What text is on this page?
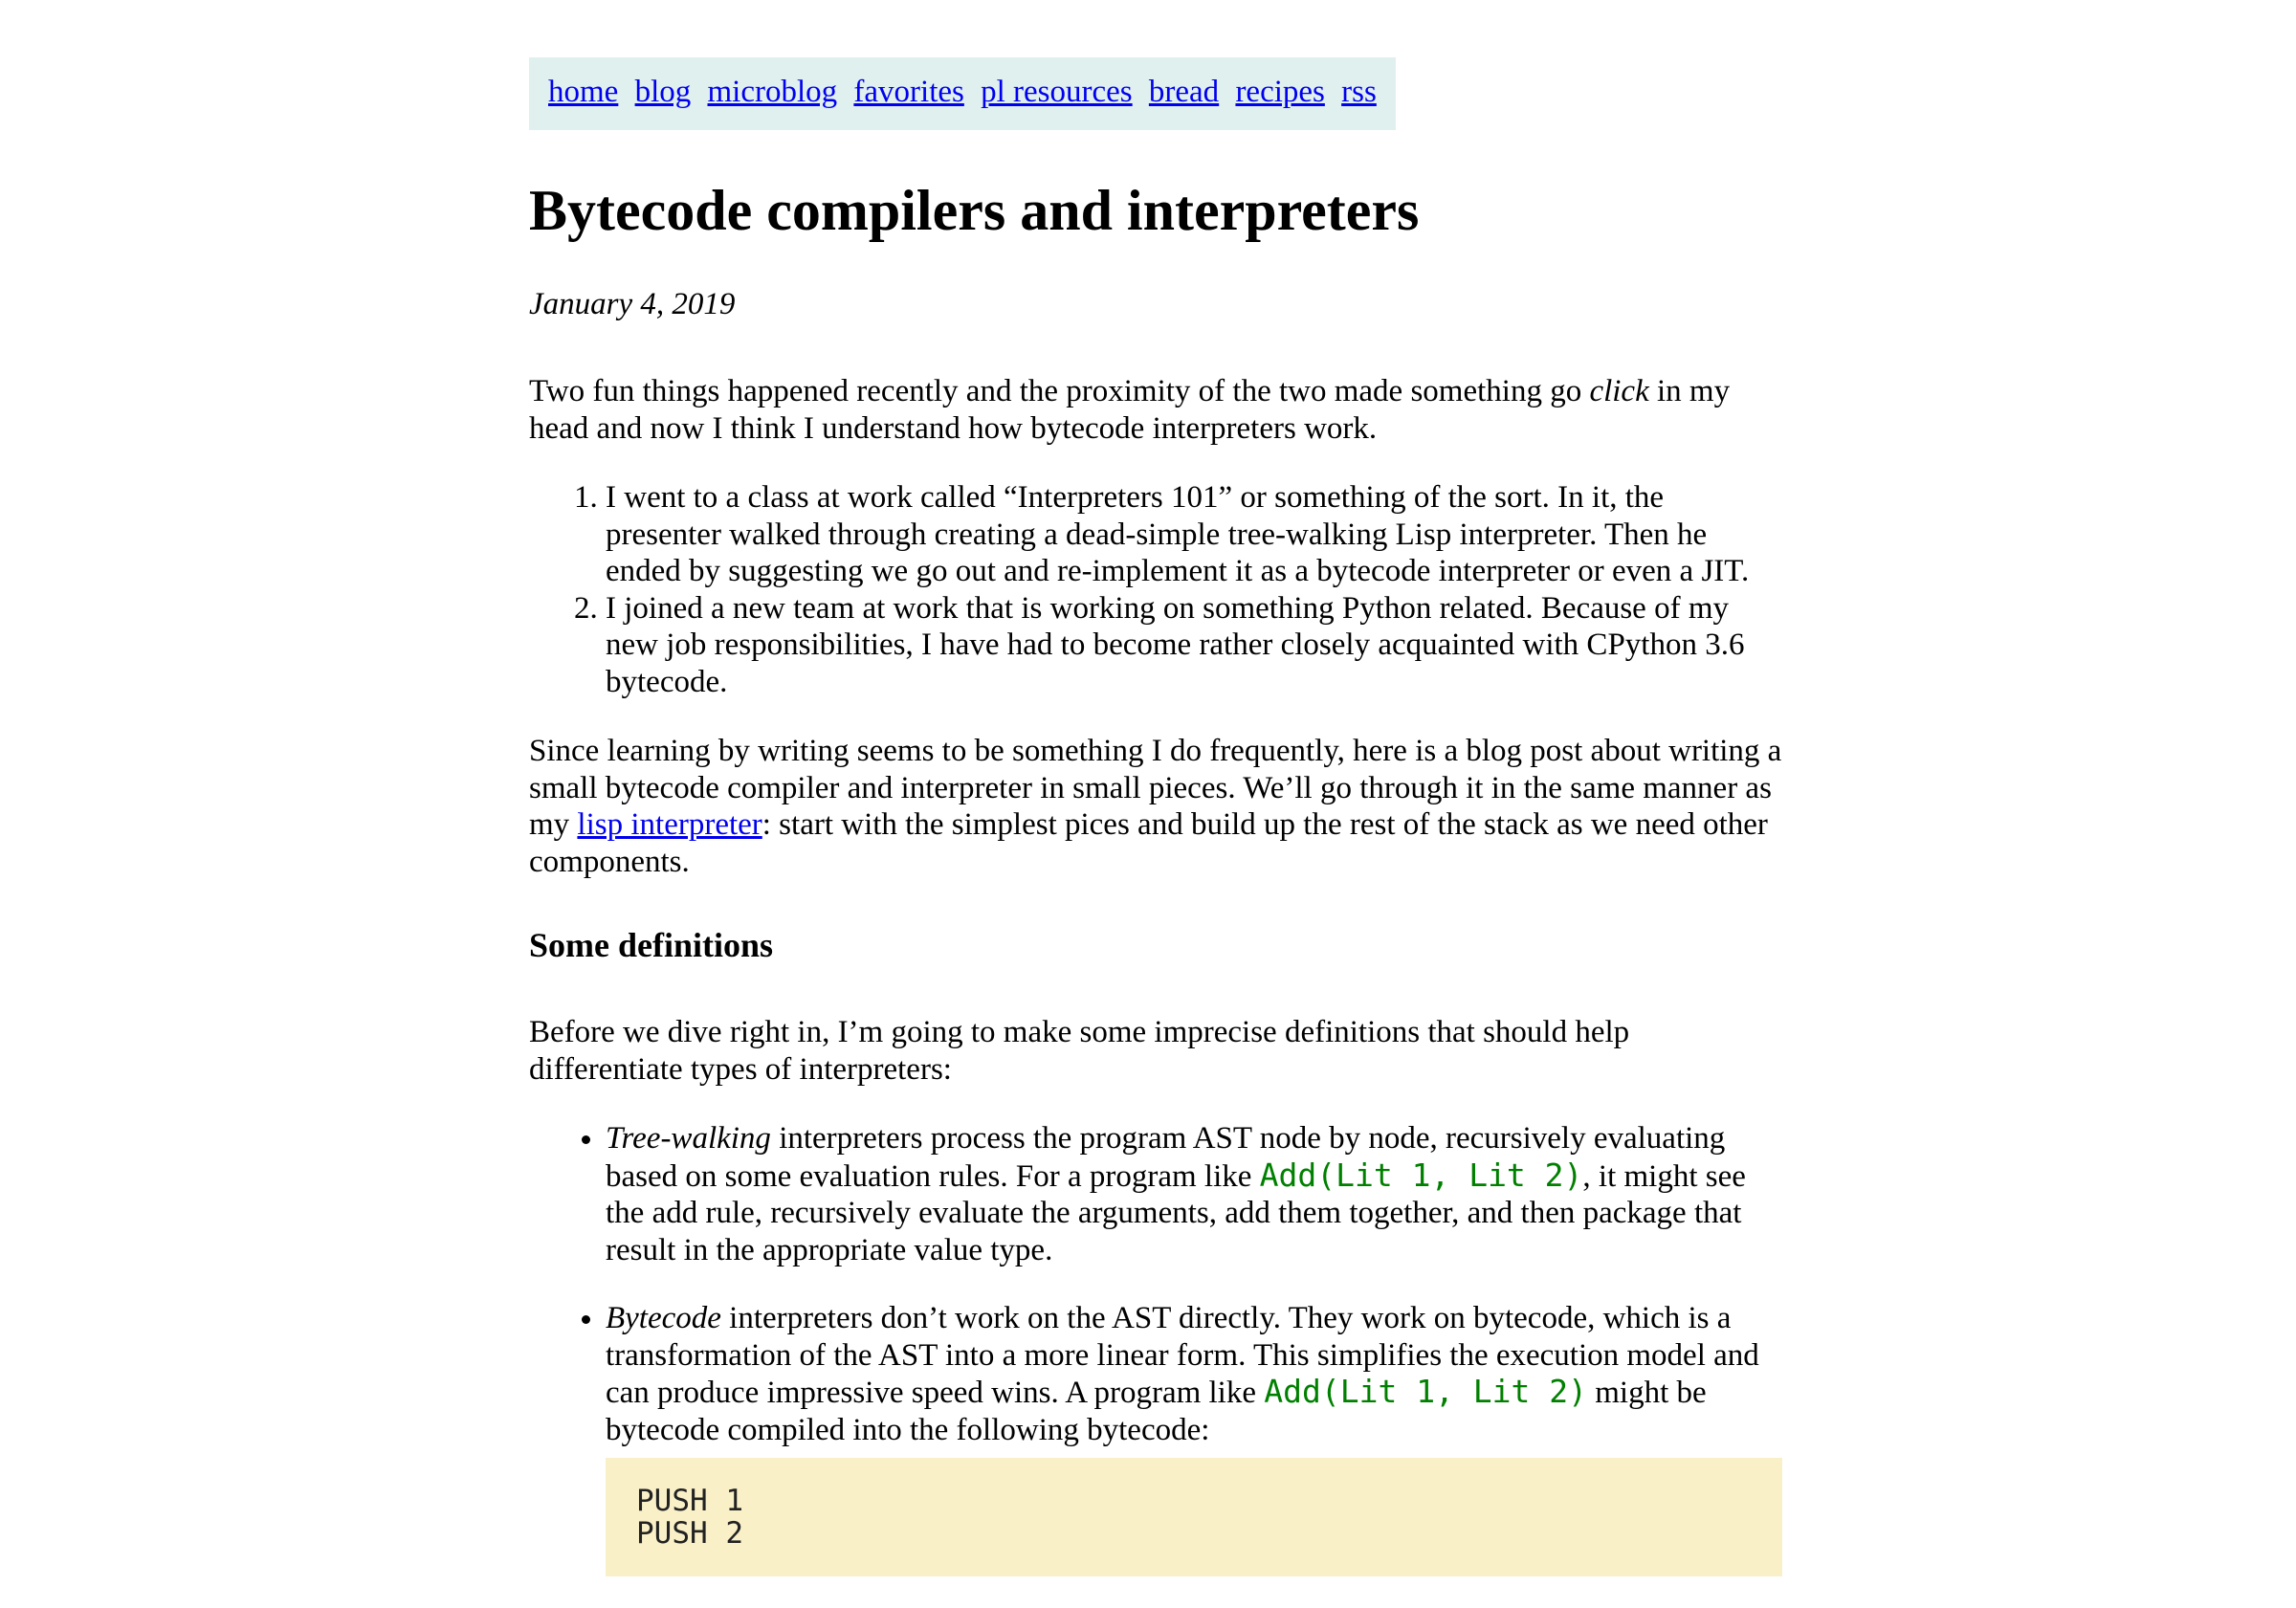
home blog microblog favorites pl resources bread recipes rss
Bytecode compilers and interpreters
January 4, 2019

Two fun things happened recently and the proximity of the two made something go click in my head and now I think I understand how bytecode interpreters work.

1. I went to a class at work called “Interpreters 101” or something of the sort. In it, the presenter walked through creating a dead-simple tree-walking Lisp interpreter. Then he ended by suggesting we go out and re-implement it as a bytecode interpreter or even a JIT.
2. I joined a new team at work that is working on something Python related. Because of my new job responsibilities, I have had to become rather closely acquainted with CPython 3.6 bytecode.

Since learning by writing seems to be something I do frequently, here is a blog post about writing a small bytecode compiler and interpreter in small pieces. We’ll go through it in the same manner as my lisp interpreter: start with the simplest pices and build up the rest of the stack as we need other components.

Some definitions

Before we dive right in, I’m going to make some imprecise definitions that should help differentiate types of interpreters:

• Tree-walking interpreters process the program AST node by node, recursively evaluating based on some evaluation rules. For a program like Add(Lit 1, Lit 2), it might see the add rule, recursively evaluate the arguments, add them together, and then package that result in the appropriate value type.
• Bytecode interpreters don’t work on the AST directly. They work on bytecode, which is a transformation of the AST into a more linear form. This simplifies the execution model and can produce impressive speed wins. A program like Add(Lit 1, Lit 2) might be bytecode compiled into the following bytecode:
PUSH 1
PUSH 2
